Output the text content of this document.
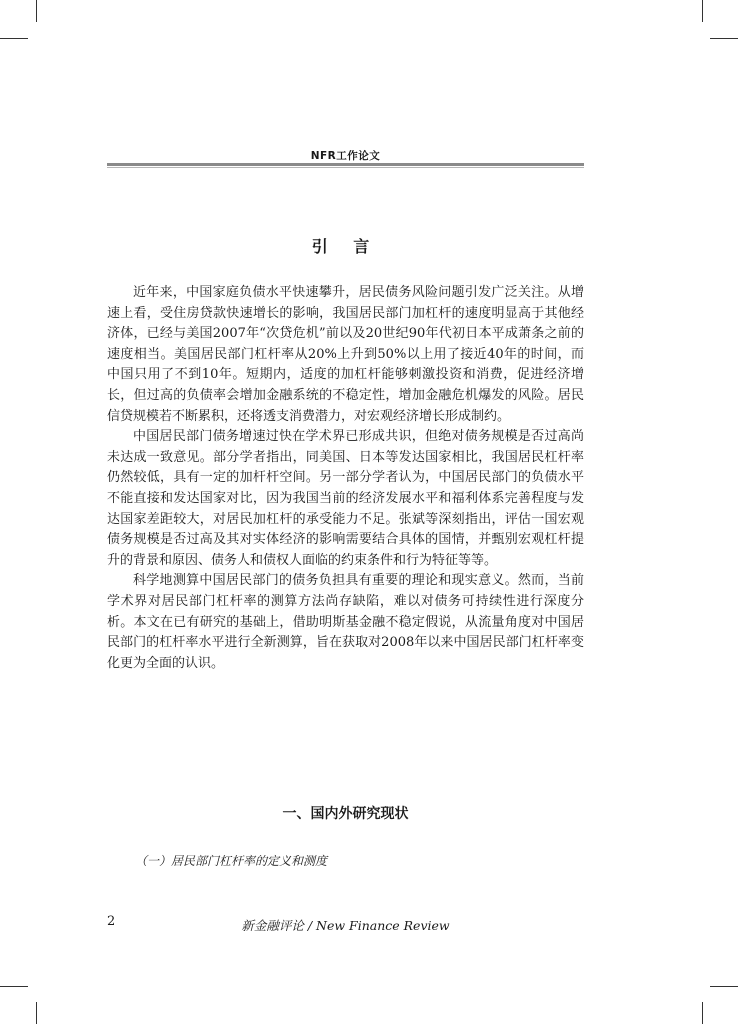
NFR工作论文
引 言

近年来，中国家庭负债水平快速攀升，居民债务风险问题引发广泛关注。从增速上看，受住房贷款快速增长的影响，我国居民部门加杠杆的速度明显高于其他经济体，已经与美国2007年“次贷危机”前以及20世纪90年代初日本平成萧条之前的速度相当。美国居民部门杠杆率从20%上升到50%以上用了接近40年的时间，而中国只用了不到10年。短期内，适度的加杠杆能够刺激投资和消费，促进经济增长，但过高的负债率会增加金融系统的不稳定性，增加金融危机爆发的风险。居民信贷规模若不断累积，还将透支消费潜力，对宏观经济增长形成制约。

中国居民部门债务增速过快在学术界已形成共识，但绝对债务规模是否过高尚未达成一致意见。部分学者指出，同美国、日本等发达国家相比，我国居民杠杆率仍然较低，具有一定的加杆杆空间。另一部分学者认为，中国居民部门的负债水平不能直接和发达国家对比，因为我国当前的经济发展水平和福利体系完善程度与发达国家差距较大，对居民加杠杆的承受能力不足。张斌等深刻指出，评估一国宏观债务规模是否过高及其对实体经济的影响需要结合具体的国情，并甄别宏观杠杆提升的背景和原因、债务人和债权人面临的约束条件和行为特征等等。

科学地测算中国居民部门的债务负担具有重要的理论和现实意义。然而，当前学术界对居民部门杠杆率的测算方法尚存缺陷，难以对债务可持续性进行深度分析。本文在已有研究的基础上，借助明斯基金融不稳定假说，从流量角度对中国居民部门的杠杆率水平进行全新测算，旨在获取对2008年以来中国居民部门杠杆率变化更为全面的认识。

一、国内外研究现状
（一）居民部门杠杆率的定义和测度
2	新金融评论 / New Finance Review
